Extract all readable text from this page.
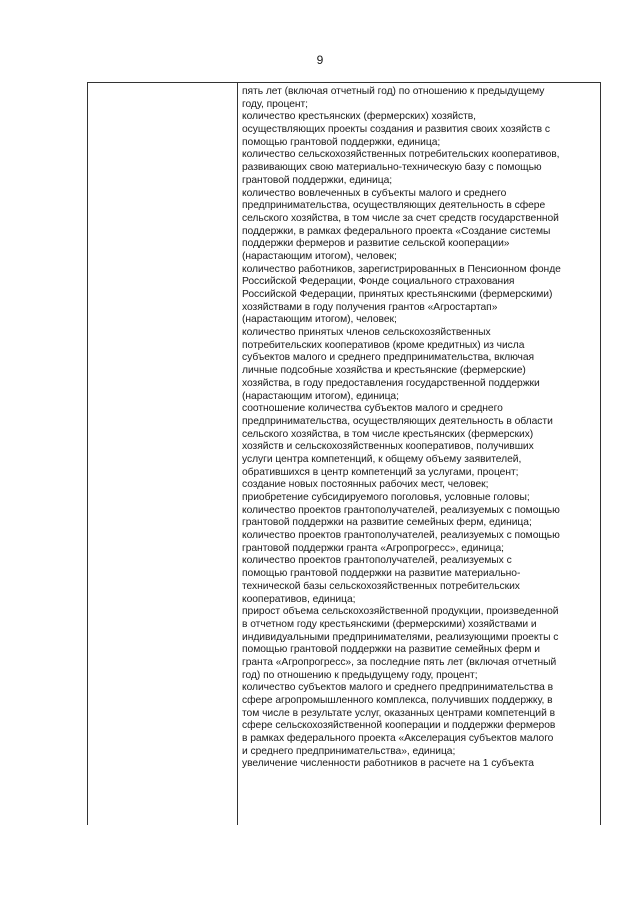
9
пять лет (включая отчетный год) по отношению к предыдущему
году, процент;
количество крестьянских (фермерских) хозяйств,
осуществляющих проекты создания и развития своих хозяйств с
помощью грантовой поддержки, единица;
количество сельскохозяйственных потребительских кооперативов,
развивающих свою материально-техническую базу с помощью
грантовой поддержки, единица;
количество вовлеченных в субъекты малого и среднего
предпринимательства, осуществляющих деятельность в сфере
сельского хозяйства, в том числе за счет средств государственной
поддержки, в рамках федерального проекта «Создание системы
поддержки фермеров и развитие сельской кооперации»
(нарастающим итогом), человек;
количество работников, зарегистрированных в Пенсионном фонде
Российской Федерации, Фонде социального страхования
Российской Федерации, принятых крестьянскими (фермерскими)
хозяйствами в году получения грантов «Агростартап»
(нарастающим итогом), человек;
количество принятых членов сельскохозяйственных
потребительских кооперативов (кроме кредитных) из числа
субъектов малого и среднего предпринимательства, включая
личные подсобные хозяйства и крестьянские (фермерские)
хозяйства, в году предоставления государственной поддержки
(нарастающим итогом), единица;
соотношение количества субъектов малого и среднего
предпринимательства, осуществляющих деятельность в области
сельского хозяйства, в том числе крестьянских (фермерских)
хозяйств и сельскохозяйственных кооперативов, получивших
услуги центра компетенций, к общему объему заявителей,
обратившихся в центр компетенций за услугами, процент;
создание новых постоянных рабочих мест, человек;
приобретение субсидируемого поголовья, условные головы;
количество проектов грантополучателей, реализуемых с помощью
грантовой поддержки на развитие семейных ферм, единица;
количество проектов грантополучателей, реализуемых с помощью
грантовой поддержки гранта «Агропрогресс», единица;
количество проектов грантополучателей, реализуемых с
помощью грантовой поддержки на развитие материально-
технической базы сельскохозяйственных потребительских
кооперативов, единица;
прирост объема сельскохозяйственной продукции, произведенной
в отчетном году крестьянскими (фермерскими) хозяйствами и
индивидуальными предпринимателями, реализующими проекты с
помощью грантовой поддержки на развитие семейных ферм и
гранта «Агропрогресс», за последние пять лет (включая отчетный
год) по отношению к предыдущему году, процент;
количество субъектов малого и среднего предпринимательства в
сфере агропромышленного комплекса, получивших поддержку, в
том числе в результате услуг, оказанных центрами компетенций в
сфере сельскохозяйственной кооперации и поддержки фермеров
в рамках федерального проекта «Акселерация субъектов малого
и среднего предпринимательства», единица;
увеличение численности работников в расчете на 1 субъекта
